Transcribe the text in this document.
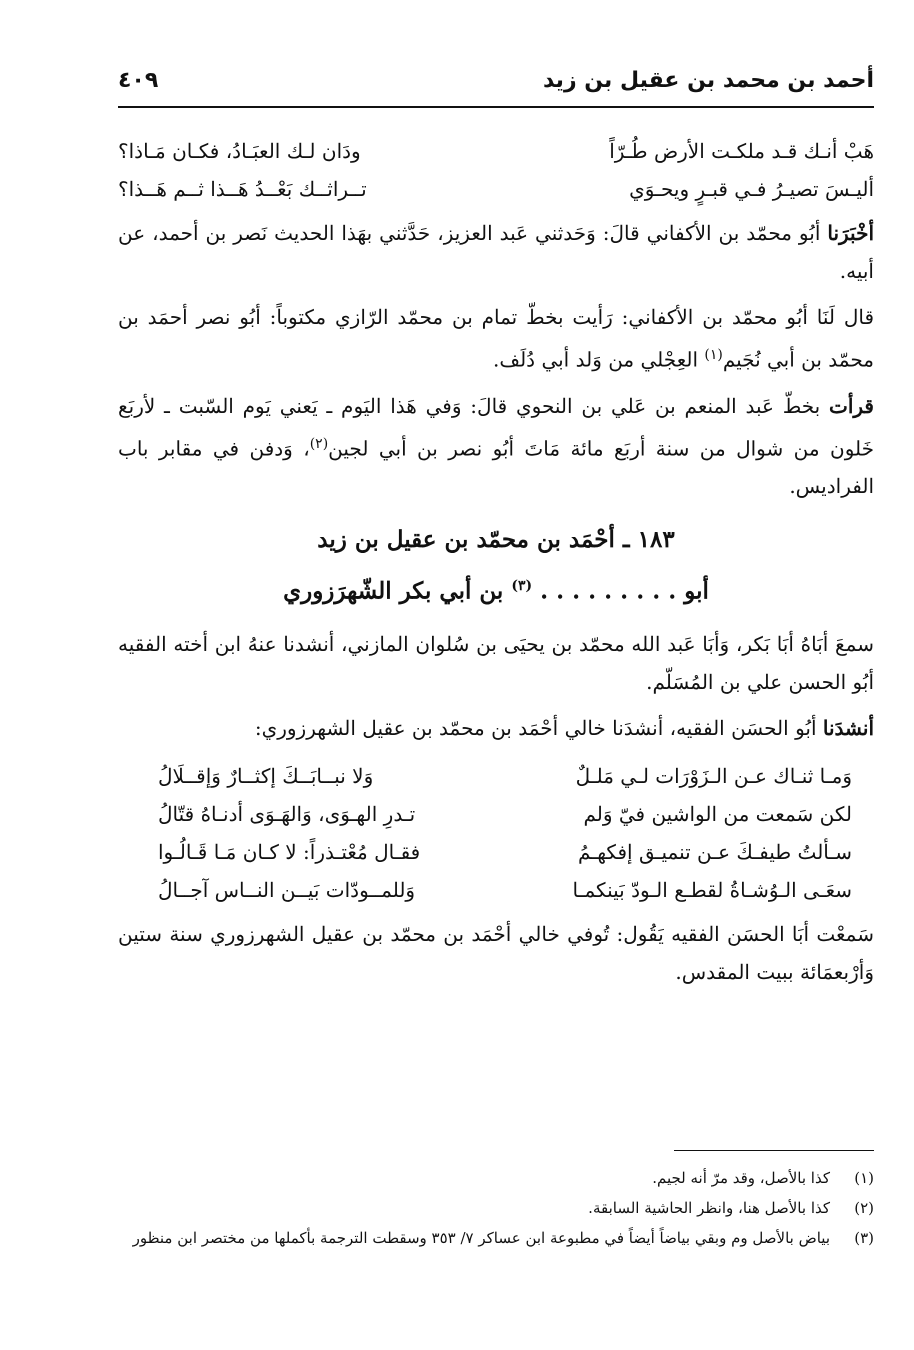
أحمد بن محمد بن عقيل بن زيد
٤٠٩
هَبْ أنـك قـد ملكـت الأرض طُـرّاً
ودَان لـك العبَـادُ، فكـان مَـاذا؟
أليـسَ تصيـرُ فـي قبـرٍ ويحـوَي
تــراثــك بَعْــدُ هَــذا ثــم هَــذا؟

أخْبَرَنا أبُو محمّد بن الأكفاني قالَ: وَحَدثني عَبد العزيز، حَدَّثني بهَذا الحديث نَصر بن أحمد، عن أبيه.

قال لَنَا أبُو محمّد بن الأكفاني: رَأيت بخطّ تمام بن محمّد الرّازي مكتوباً: أبُو نصر أحمَد بن محمّد بن أبي نُجَيم$^{(١)}$ العِجْلي من وَلد أبي دُلَف.

قرأت بخطّ عَبد المنعم بن عَلي بن النحوي قالَ: وَفي هَذا اليَوم ـ يَعني يَوم السّبت ـ لأربَع خَلون من شوال من سنة أربَع مائة مَاتَ أبُو نصر بن أبي لجين$^{(٢)}$، وَدفن في مقابر باب الفراديس.

١٨٣ ـ أحْمَد بن محمّد بن عقيل بن زيد
أبو . . . . . . . . . $^{(٣)}$ بن أبي بكر الشّهرَزوري

سمعَ أبَاهُ أبَا بَكر، وَأبَا عَبد الله محمّد بن يحيَى بن سُلوان المازني، أنشدنا عنهُ ابن أخته الفقيه أبُو الحسن علي بن المُسَلّم.

أنشدَنا أبُو الحسَن الفقيه، أنشدَنا خالي أحْمَد بن محمّد بن عقيل الشهرزوري:

وَمـا ثنـاك عـن الـزَوْرَات لـي مَلـلٌ
وَلا نبــابَــكَ إكثــارٌ وَإقــلَالُ
لكن سَمعت من الواشين فيّ وَلم
تـدرِ الهـوَى، وَالهَـوَى أدنـاهُ قتّالُ
سـألتُ طيفـكَ عـن تنميـق إفكهـمُ
فقـال مُعْتـذراً: لا كـان مَـا قَـالُـوا
سعَـى الـوُشـاةُ لقطـع الـودّ بَينكمـا
وَللمــودّات بَيــن النــاس آجــالُ

سَمعْت أبَا الحسَن الفقيه يَقُول: تُوفي خالي أحْمَد بن محمّد بن عقيل الشهرزوري سنة ستين وَأرْبعمَائة ببيت المقدس.

(١)
كذا بالأصل، وقد مرّ أنه لجيم.
(٢)
كذا بالأصل هنا، وانظر الحاشية السابقة.
(٣)
بياض بالأصل وم وبقي بياضاً أيضاً في مطبوعة ابن عساكر ٧/ ٣٥٣ وسقطت الترجمة بأكملها من مختصر ابن منظور
